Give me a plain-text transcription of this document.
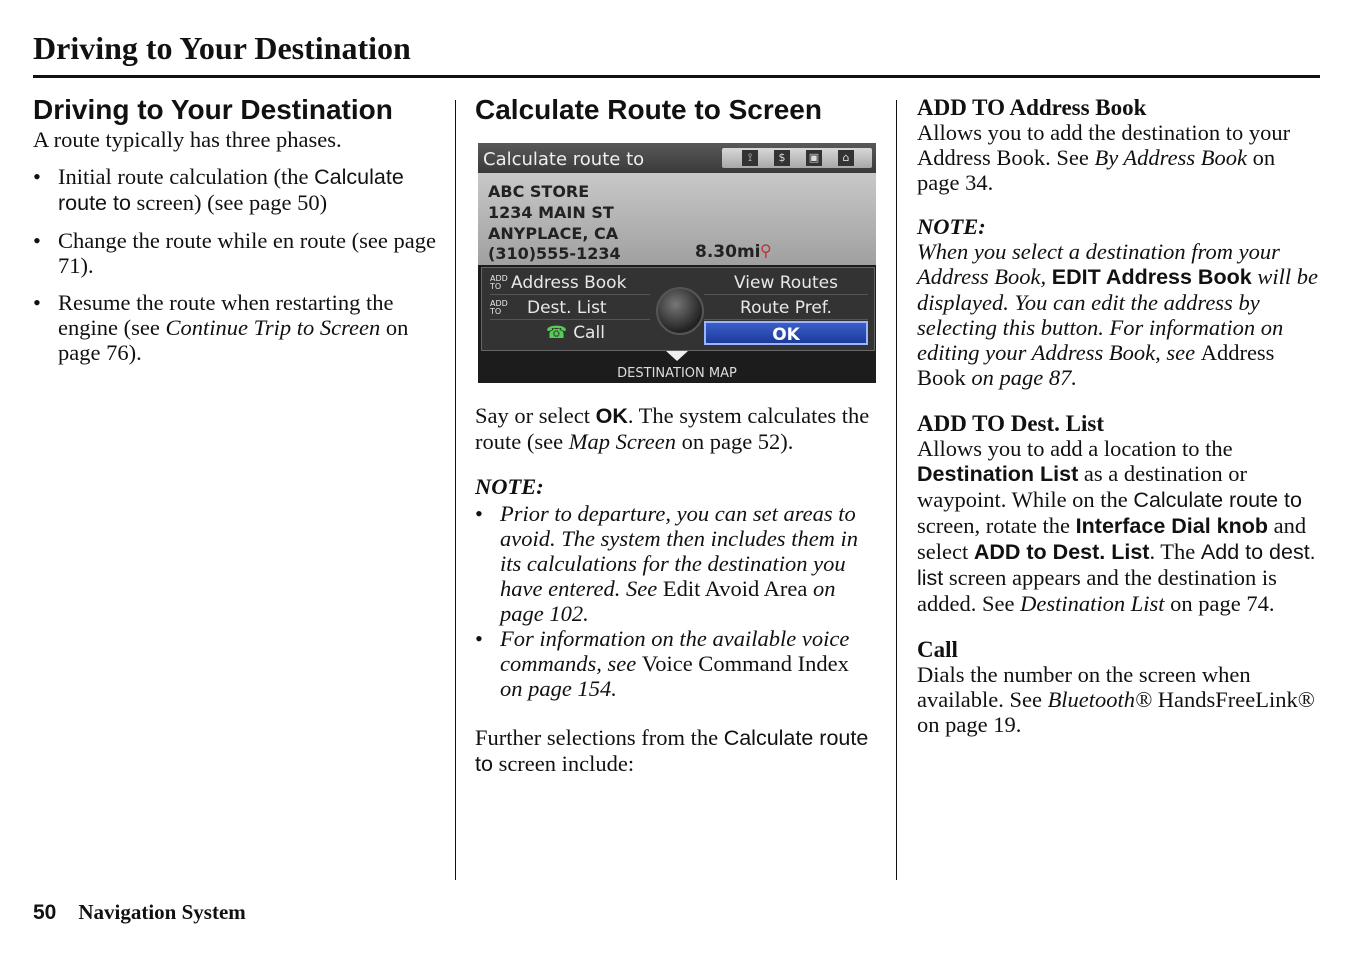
Driving to Your Destination
Driving to Your Destination

A route typically has three phases.

• Initial route calculation (the Calculate route to screen) (see page 50)
• Change the route while en route (see page 71).
• Resume the route when restarting the engine (see Continue Trip to Screen on page 76).
Calculate Route to Screen
Calculate route to	⟟	$	▣	⌂
ABC STORE
1234 MAIN ST
ANYPLACE, CA
(310)555-1234	8.30mi ⚲
ADD TO Address Book
ADD TO Dest. List
☎ Call
View Routes
Route Pref.
OK
DESTINATION MAP

Say or select OK. The system calculates the route (see Map Screen on page 52).

NOTE:

• Prior to departure, you can set areas to avoid. The system then includes them in its calculations for the destination you have entered. See Edit Avoid Area on page 102.
• For information on the available voice commands, see Voice Command Index on page 154.

Further selections from the Calculate route to screen include:

ADD TO Address Book

Allows you to add the destination to your Address Book. See By Address Book on page 34.

NOTE:

When you select a destination from your Address Book, EDIT Address Book will be displayed. You can edit the address by selecting this button. For information on editing your Address Book, see Address Book on page 87.

ADD TO Dest. List

Allows you to add a location to the Destination List as a destination or waypoint. While on the Calculate route to screen, rotate the Interface Dial knob and select ADD to Dest. List. The Add to dest. list screen appears and the destination is added. See Destination List on page 74.

Call

Dials the number on the screen when available. See Bluetooth® HandsFreeLink® on page 19.

50 Navigation System
